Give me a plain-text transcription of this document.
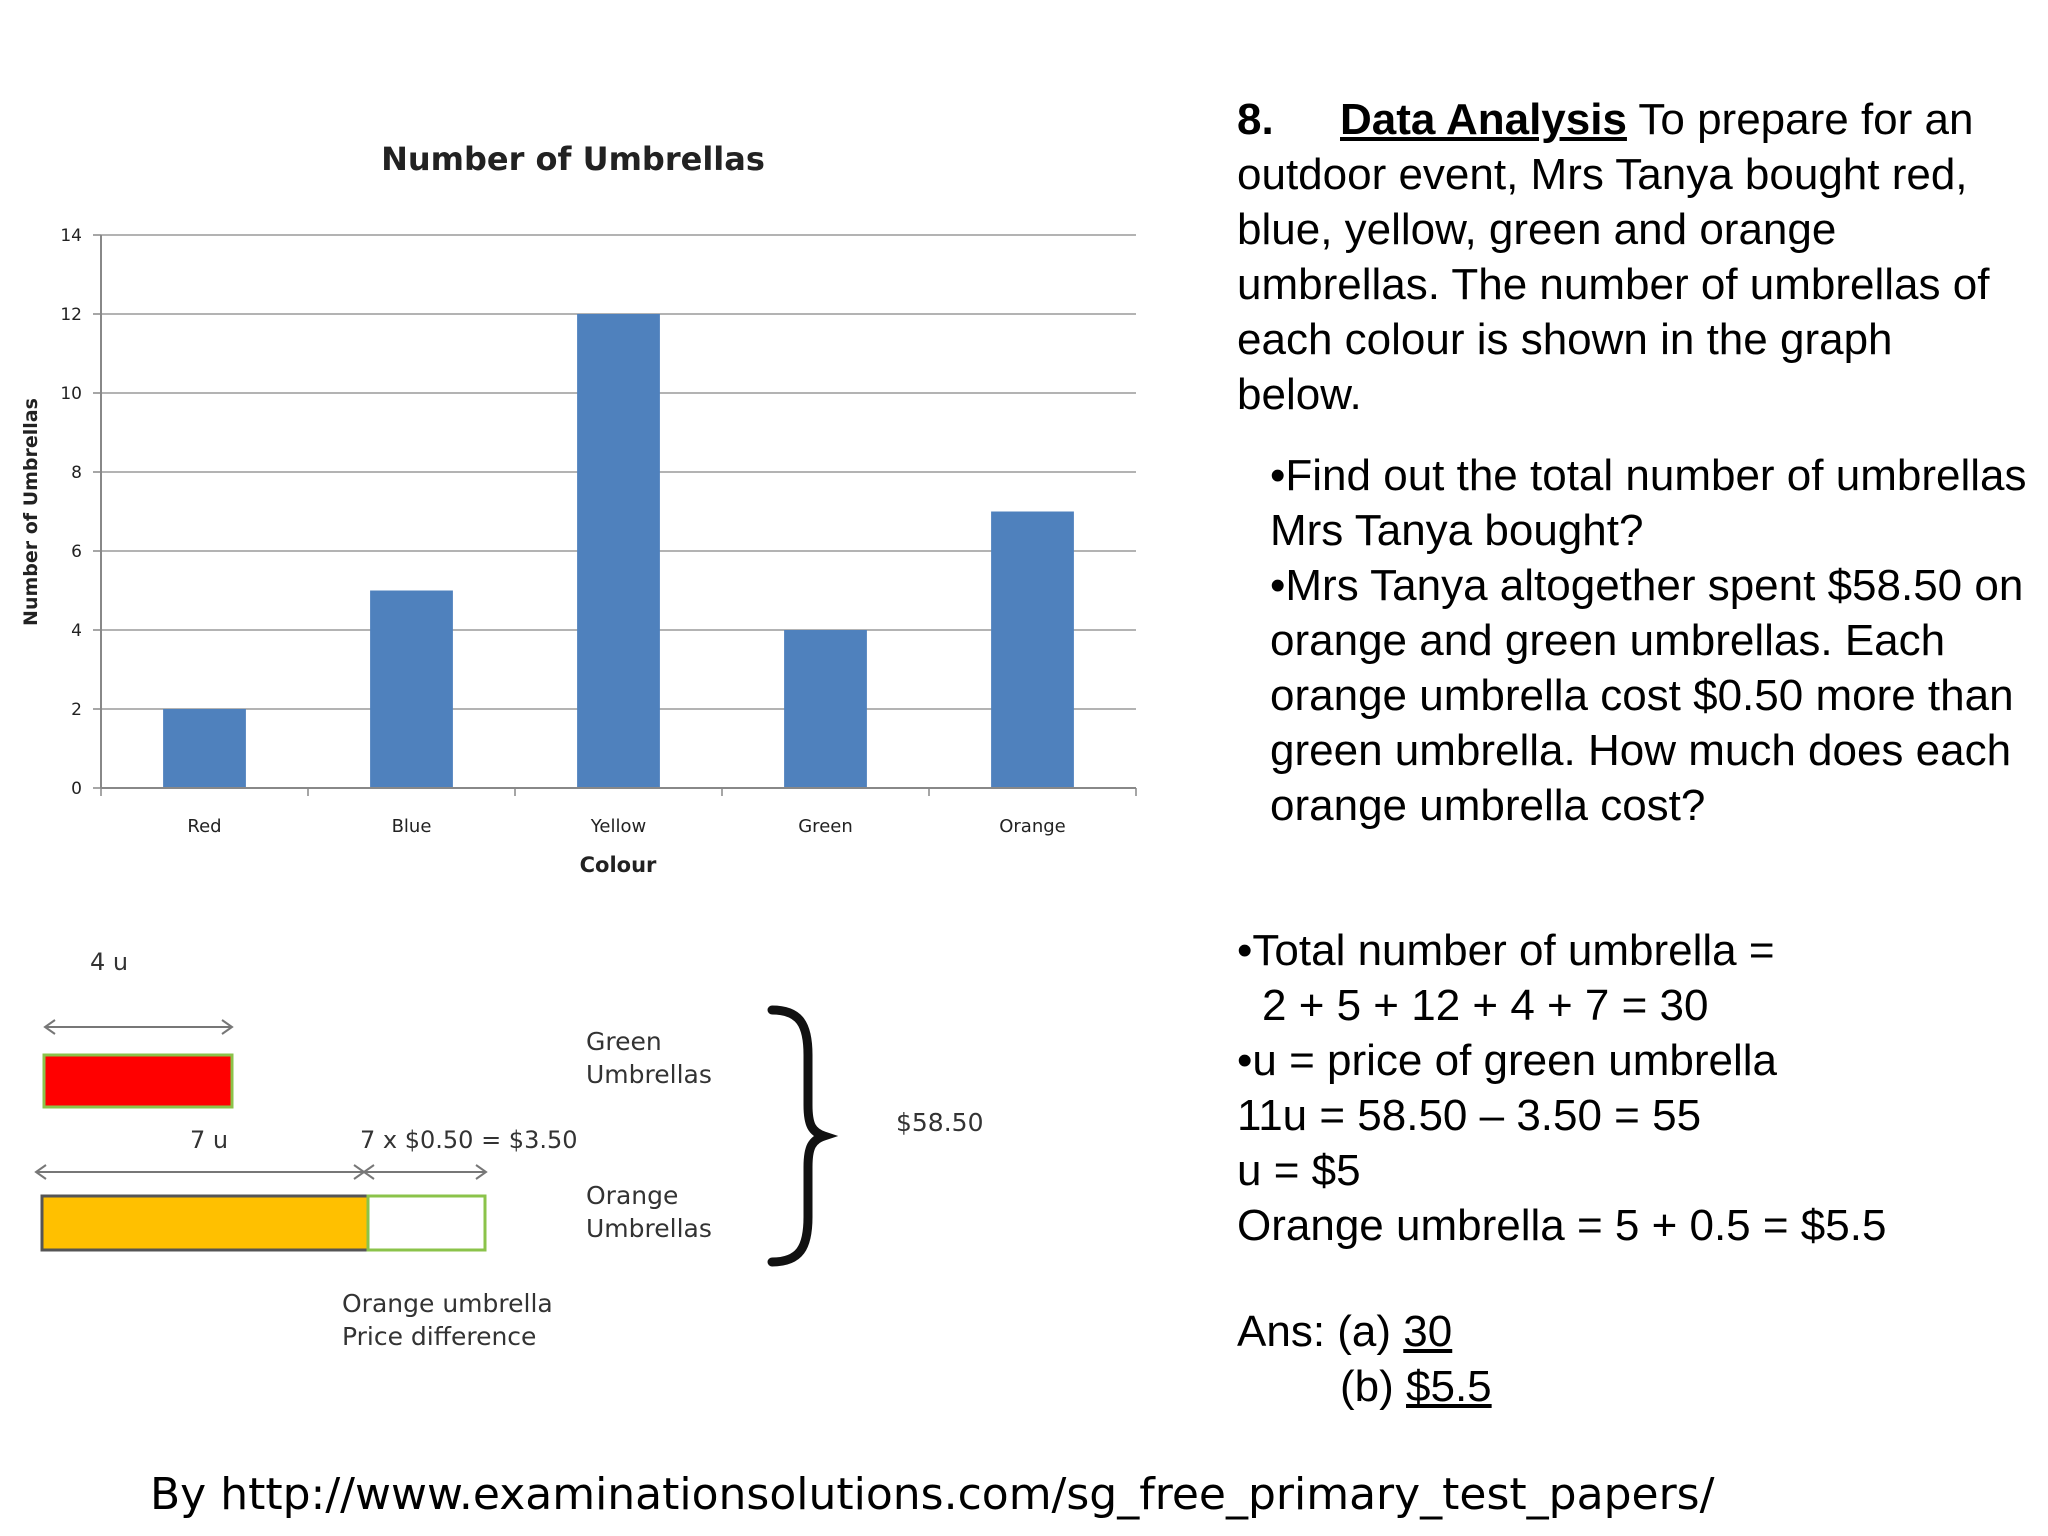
Number of Umbrellas
0
2
4
6
8
10
12
14
Red	Blue	Yellow	Green	Orange
Colour
Number of Umbrellas
4 u
7 u	7 x $0.50 = $3.50
Green
Umbrellas
Orange
Umbrellas
$58.50
Orange umbrella
Price difference
8. Data Analysis To prepare for an outdoor event, Mrs Tanya bought red, blue, yellow, green and orange umbrellas. The number of umbrellas of each colour is shown in the graph below.

•Find out the total number of umbrellas Mrs Tanya bought?

•Mrs Tanya altogether spent $58.50 on orange and green umbrellas. Each orange umbrella cost $0.50 more than green umbrella. How much does each orange umbrella cost?

•Total number of umbrella =

2 + 5 + 12 + 4 + 7 = 30

•u = price of green umbrella

11u = 58.50 – 3.50 = 55

u = $5

Orange umbrella = 5 + 0.5 = $5.5

Ans: (a) 30

(b) $5.5

By http://www.examinationsolutions.com/sg_free_primary_test_papers/
